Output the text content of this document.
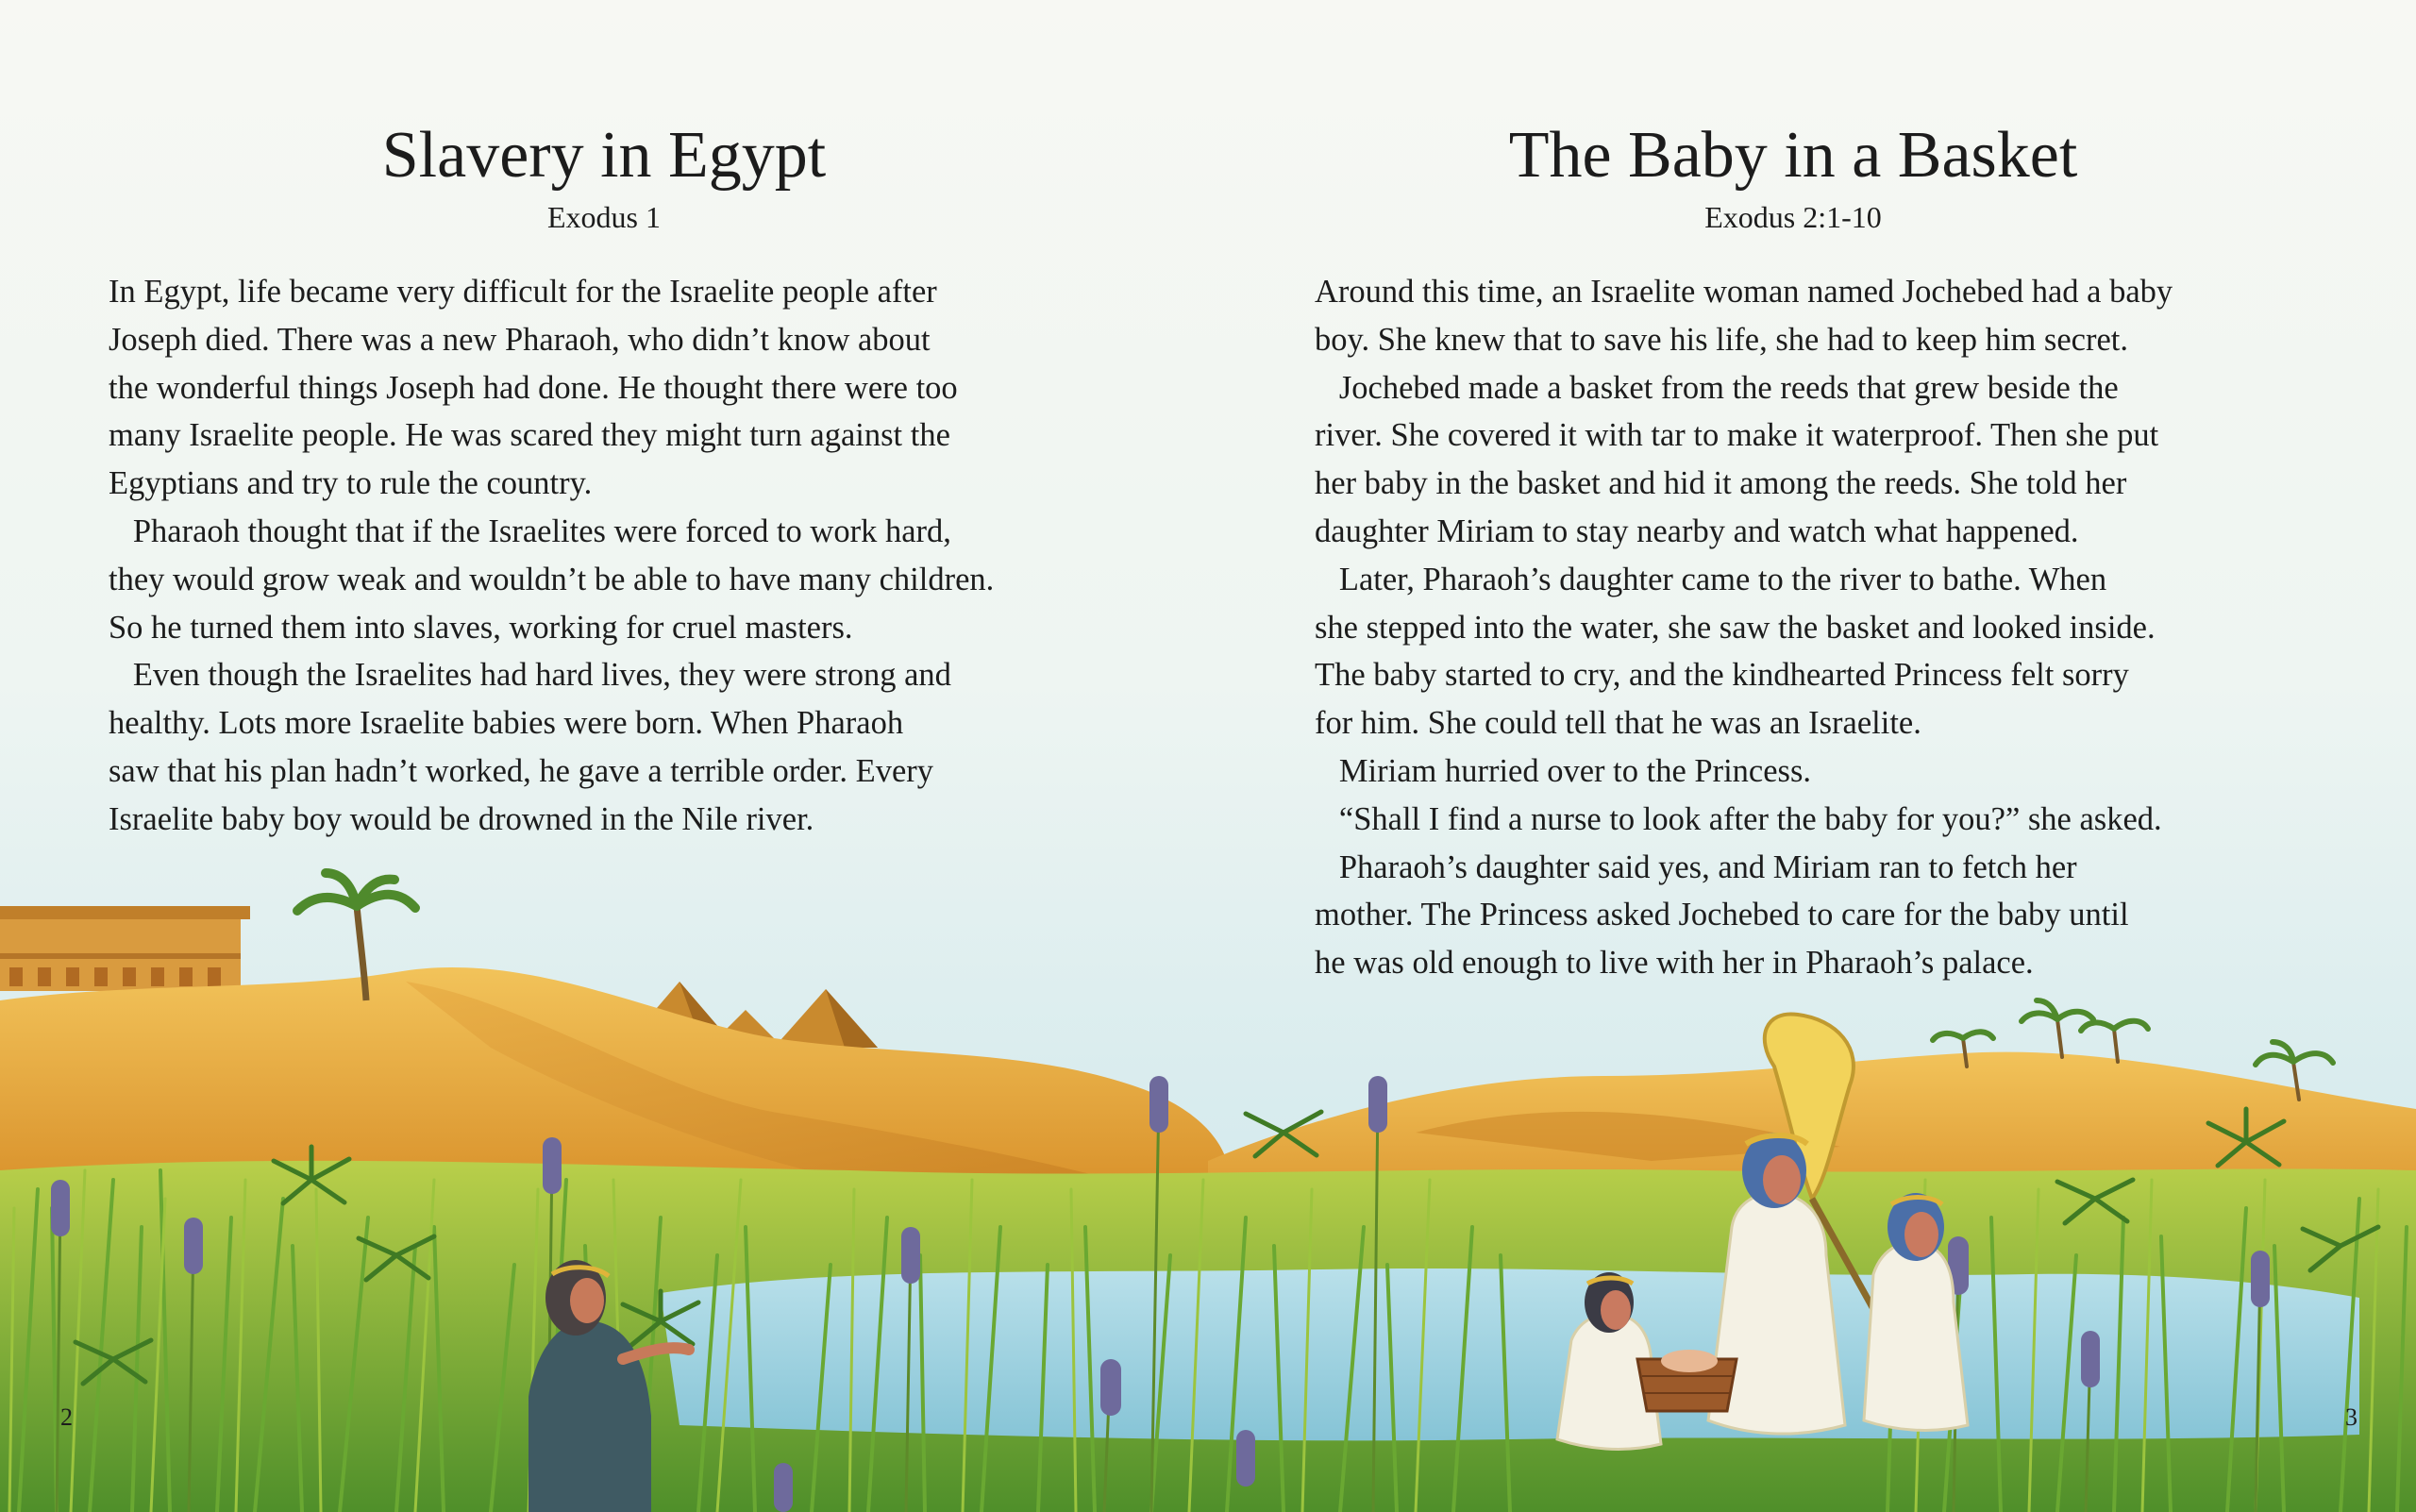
Slavery in Egypt
Exodus 1
In Egypt, life became very difficult for the Israelite people after
Joseph died. There was a new Pharaoh, who didn’t know about
the wonderful things Joseph had done. He thought there were too
many Israelite people. He was scared they might turn against the
Egyptians and try to rule the country.
Pharaoh thought that if the Israelites were forced to work hard,
they would grow weak and wouldn’t be able to have many children.
So he turned them into slaves, working for cruel masters.
Even though the Israelites had hard lives, they were strong and
healthy. Lots more Israelite babies were born. When Pharaoh
saw that his plan hadn’t worked, he gave a terrible order. Every
Israelite baby boy would be drowned in the Nile river.
2
The Baby in a Basket
Exodus 2:1-10
Around this time, an Israelite woman named Jochebed had a baby
boy. She knew that to save his life, she had to keep him secret.
Jochebed made a basket from the reeds that grew beside the
river. She covered it with tar to make it waterproof. Then she put
her baby in the basket and hid it among the reeds. She told her
daughter Miriam to stay nearby and watch what happened.
Later, Pharaoh’s daughter came to the river to bathe. When
she stepped into the water, she saw the basket and looked inside.
The baby started to cry, and the kindhearted Princess felt sorry
for him. She could tell that he was an Israelite.
Miriam hurried over to the Princess.
“Shall I find a nurse to look after the baby for you?” she asked.
Pharaoh’s daughter said yes, and Miriam ran to fetch her
mother. The Princess asked Jochebed to care for the baby until
he was old enough to live with her in Pharaoh’s palace.
3
